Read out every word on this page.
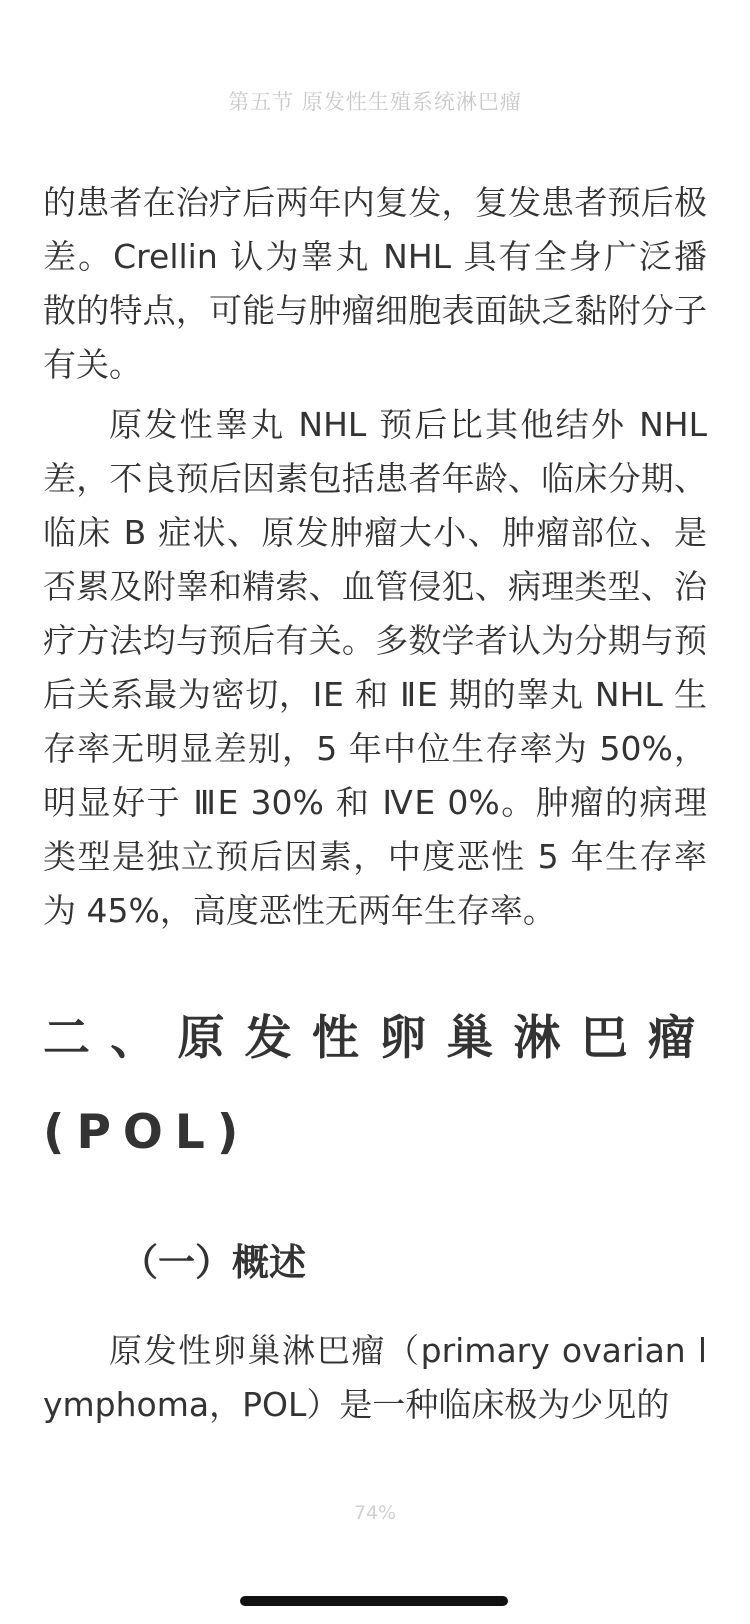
第五节 原发性生殖系统淋巴瘤

的患者在治疗后两年内复发，复发患者预后极差。Crellin 认为睾丸 NHL 具有全身广泛播散的特点，可能与肿瘤细胞表面缺乏黏附分子有关。

原发性睾丸 NHL 预后比其他结外 NHL 差，不良预后因素包括患者年龄、临床分期、临床 B 症状、原发肿瘤大小、肿瘤部位、是否累及附睾和精索、血管侵犯、病理类型、治疗方法均与预后有关。多数学者认为分期与预后关系最为密切，ⅠE 和 ⅡE 期的睾丸 NHL 生存率无明显差别，5 年中位生存率为 50%，明显好于 ⅢE 30% 和 ⅣE 0%。肿瘤的病理类型是独立预后因素，中度恶性 5 年生存率为 45%，高度恶性无两年生存率。

二、原发性卵巢淋巴瘤(POL)
（一）概述

原发性卵巢淋巴瘤（primary ovarian lymphoma，POL）是一种临床极为少见的

74%
